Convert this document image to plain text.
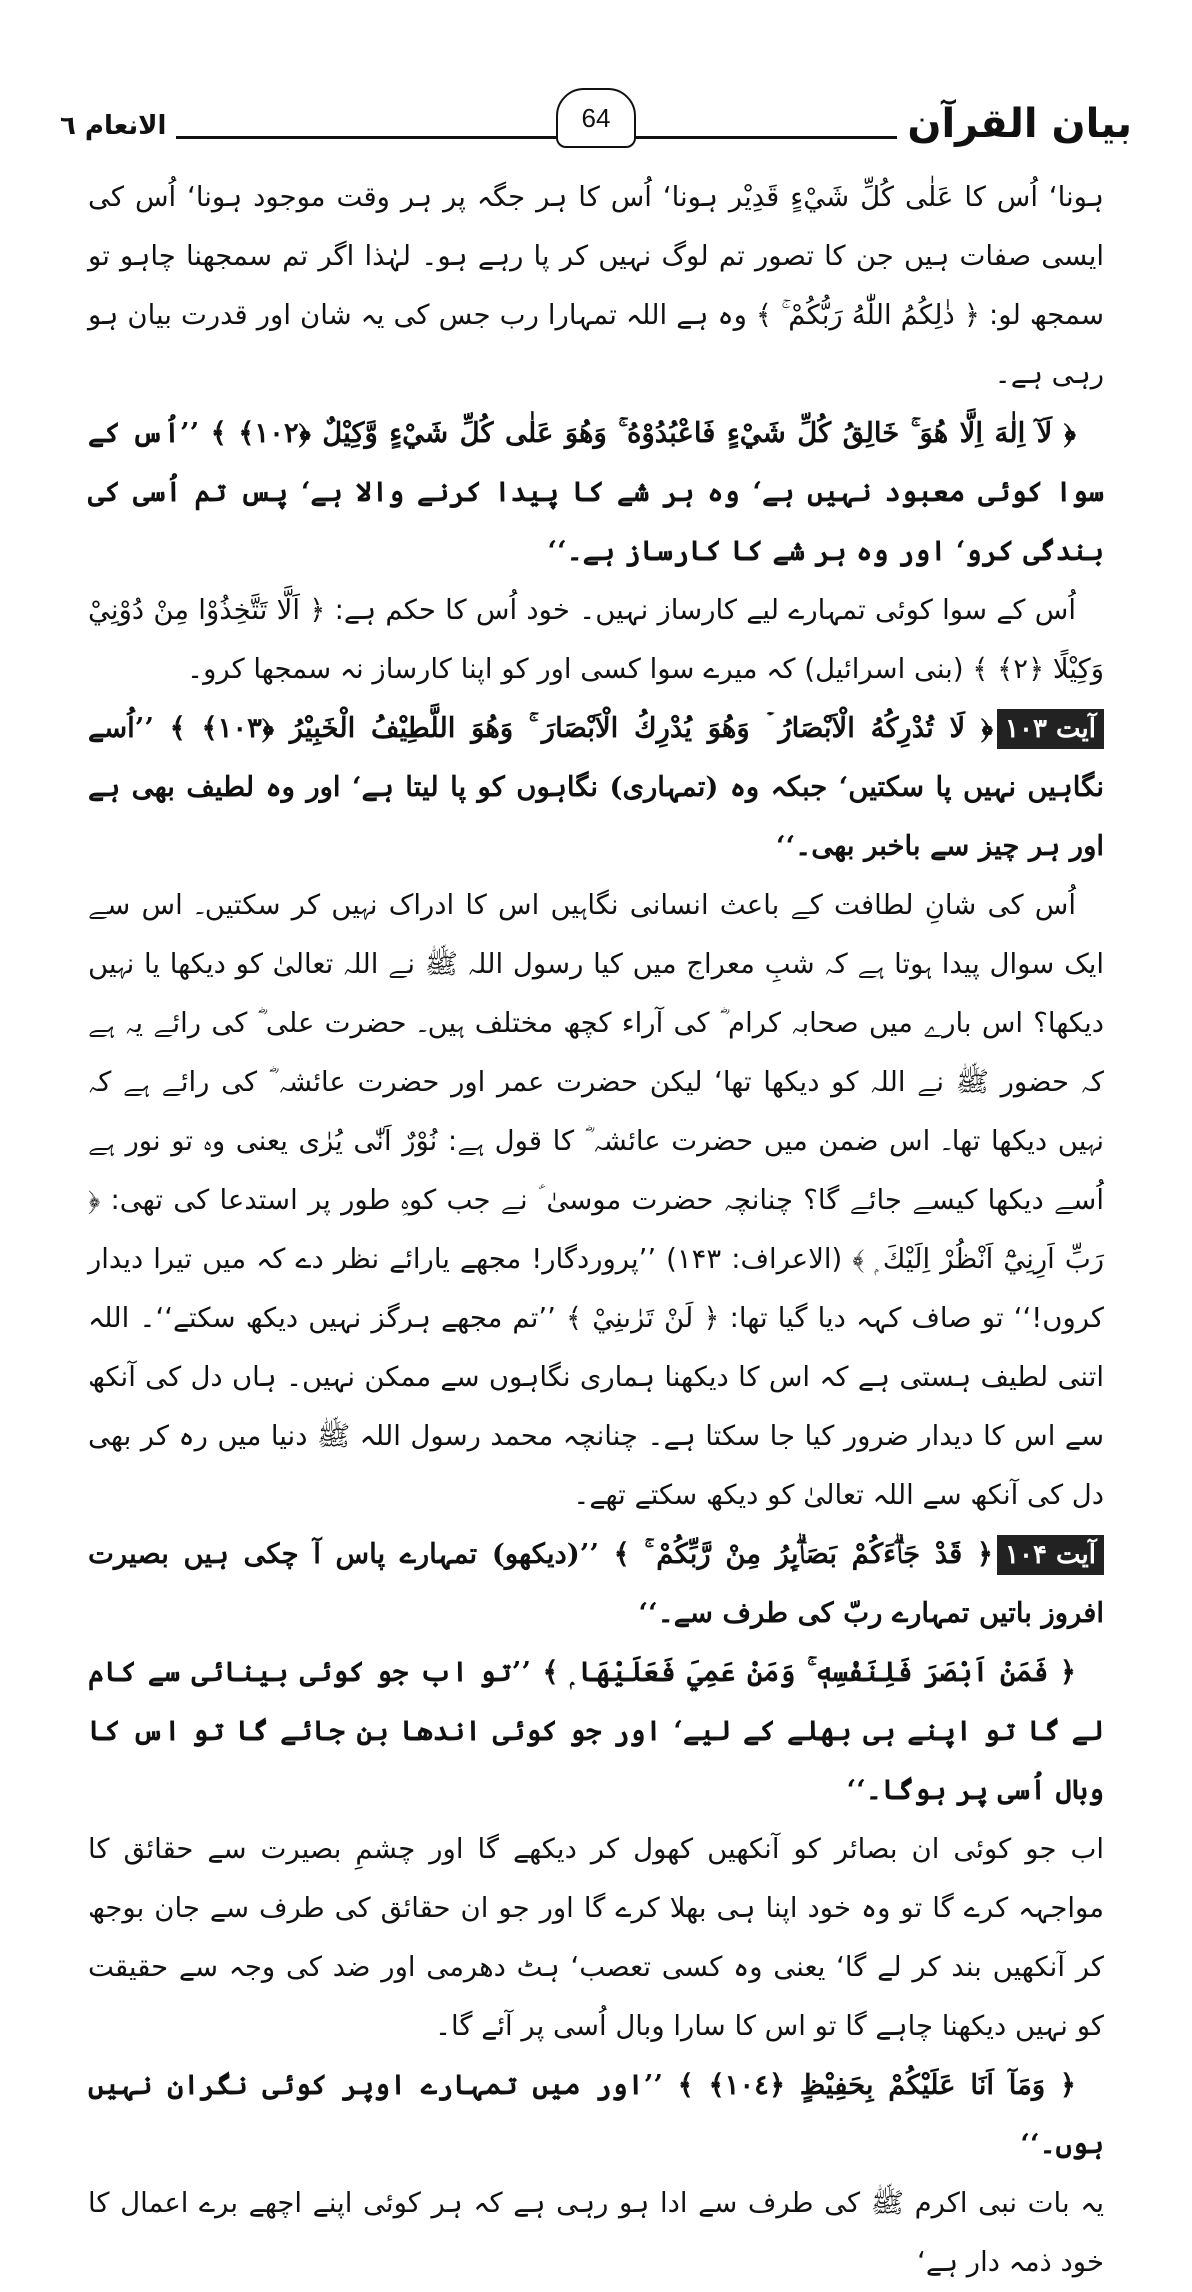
بیان القرآن
64
الانعام ٦

ہونا‘ اُس کا عَلٰى كُلِّ شَيْءٍ قَدِيْر ہونا‘ اُس کا ہر جگہ پر ہر وقت موجود ہونا‘ اُس کی ایسی صفات ہیں جن کا تصور تم لوگ نہیں کر پا رہے ہو۔ لہٰذا اگر تم سمجھنا چاہو تو سمجھ لو: ﴿ ذٰلِكُمُ اللّٰهُ رَبُّكُمْ ۚ ﴾ وہ ہے اللہ تمہارا رب جس کی یہ شان اور قدرت بیان ہو رہی ہے۔

﴿ لَآ اِلٰهَ اِلَّا هُوَ ۚ خَالِقُ كُلِّ شَيْءٍ فَاعْبُدُوْهُ ۚ وَهُوَ عَلٰى كُلِّ شَيْءٍ وَّكِيْلٌ ﴿١٠٢﴾ ﴾ ’’اُس کے سوا کوئی معبود نہیں ہے‘ وہ ہر شے کا پیدا کرنے والا ہے‘ پس تم اُسی کی بندگی کرو‘ اور وہ ہر شے کا کارساز ہے۔‘‘

اُس کے سوا کوئی تمہارے لیے کارساز نہیں۔ خود اُس کا حکم ہے: ﴿ اَلَّا تَتَّخِذُوْا مِنْ دُوْنِيْ وَكِيْلًا ﴿٢﴾ ﴾ (بنی اسرائیل) کہ میرے سوا کسی اور کو اپنا کارساز نہ سمجھا کرو۔

آیت ۱۰۳﴿ لَا تُدْرِكُهُ الْاَبْصَارُ ۡ وَهُوَ يُدْرِكُ الْاَبْصَارَ ۚ وَهُوَ اللَّطِيْفُ الْخَبِيْرُ ﴿١٠٣﴾ ﴾ ’’اُسے نگاہیں نہیں پا سکتیں‘ جبکہ وہ (تمہاری) نگاہوں کو پا لیتا ہے‘ اور وہ لطیف بھی ہے اور ہر چیز سے باخبر بھی۔‘‘

اُس کی شانِ لطافت کے باعث انسانی نگاہیں اس کا ادراک نہیں کر سکتیں۔ اس سے ایک سوال پیدا ہوتا ہے کہ شبِ معراج میں کیا رسول اللہ ﷺ نے اللہ تعالیٰ کو دیکھا یا نہیں دیکھا؟ اس بارے میں صحابہ کرام ؓ کی آراء کچھ مختلف ہیں۔ حضرت علی ؓ کی رائے یہ ہے کہ حضور ﷺ نے اللہ کو دیکھا تھا‘ لیکن حضرت عمر اور حضرت عائشہ ؓ کی رائے ہے کہ نہیں دیکھا تھا۔ اس ضمن میں حضرت عائشہ ؓ کا قول ہے: نُوْرٌ اَنّٰى يُرٰى یعنی وہ تو نور ہے اُسے دیکھا کیسے جائے گا؟ چنانچہ حضرت موسیٰ ؑ نے جب کوہِ طور پر استدعا کی تھی: ﴿ رَبِّ اَرِنِيْٓ اَنْظُرْ اِلَيْكَ ۭ ﴾ (الاعراف: ۱۴۳) ’’پروردگار! مجھے یارائے نظر دے کہ میں تیرا دیدار کروں!‘‘ تو صاف کہہ دیا گیا تھا: ﴿ لَنْ تَرٰىنِيْ ﴾ ’’تم مجھے ہرگز نہیں دیکھ سکتے‘‘۔ اللہ اتنی لطیف ہستی ہے کہ اس کا دیکھنا ہماری نگاہوں سے ممکن نہیں۔ ہاں دل کی آنکھ سے اس کا دیدار ضرور کیا جا سکتا ہے۔ چنانچہ محمد رسول اللہ ﷺ دنیا میں رہ کر بھی دل کی آنکھ سے اللہ تعالیٰ کو دیکھ سکتے تھے۔

آیت ۱۰۴﴿ قَدْ جَاۗءَكُمْ بَصَاۗىِٕرُ مِنْ رَّبِّكُمْ ۚ ﴾ ’’(دیکھو) تمہارے پاس آ چکی ہیں بصیرت افروز باتیں تمہارے ربّ کی طرف سے۔‘‘

﴿ فَمَنْ اَبْصَرَ فَلِنَفْسِهٖ ۚ وَمَنْ عَمِيَ فَعَلَيْهَا ۭ ﴾ ’’تو اب جو کوئی بینائی سے کام لے گا تو اپنے ہی بھلے کے لیے‘ اور جو کوئی اندھا بن جائے گا تو اس کا وبال اُسی پر ہوگا۔‘‘

اب جو کوئی ان بصائر کو آنکھیں کھول کر دیکھے گا اور چشمِ بصیرت سے حقائق کا مواجہہ کرے گا تو وہ خود اپنا ہی بھلا کرے گا اور جو ان حقائق کی طرف سے جان بوجھ کر آنکھیں بند کر لے گا‘ یعنی وہ کسی تعصب‘ ہٹ دھرمی اور ضد کی وجہ سے حقیقت کو نہیں دیکھنا چاہے گا تو اس کا سارا وبال اُسی پر آئے گا۔

﴿ وَمَآ اَنَا عَلَيْكُمْ بِحَفِيْظٍ ﴿١٠٤﴾ ﴾ ’’اور میں تمہارے اوپر کوئی نگران نہیں ہوں۔‘‘

یہ بات نبی اکرم ﷺ کی طرف سے ادا ہو رہی ہے کہ ہر کوئی اپنے اچھے برے اعمال کا خود ذمہ دار ہے‘
